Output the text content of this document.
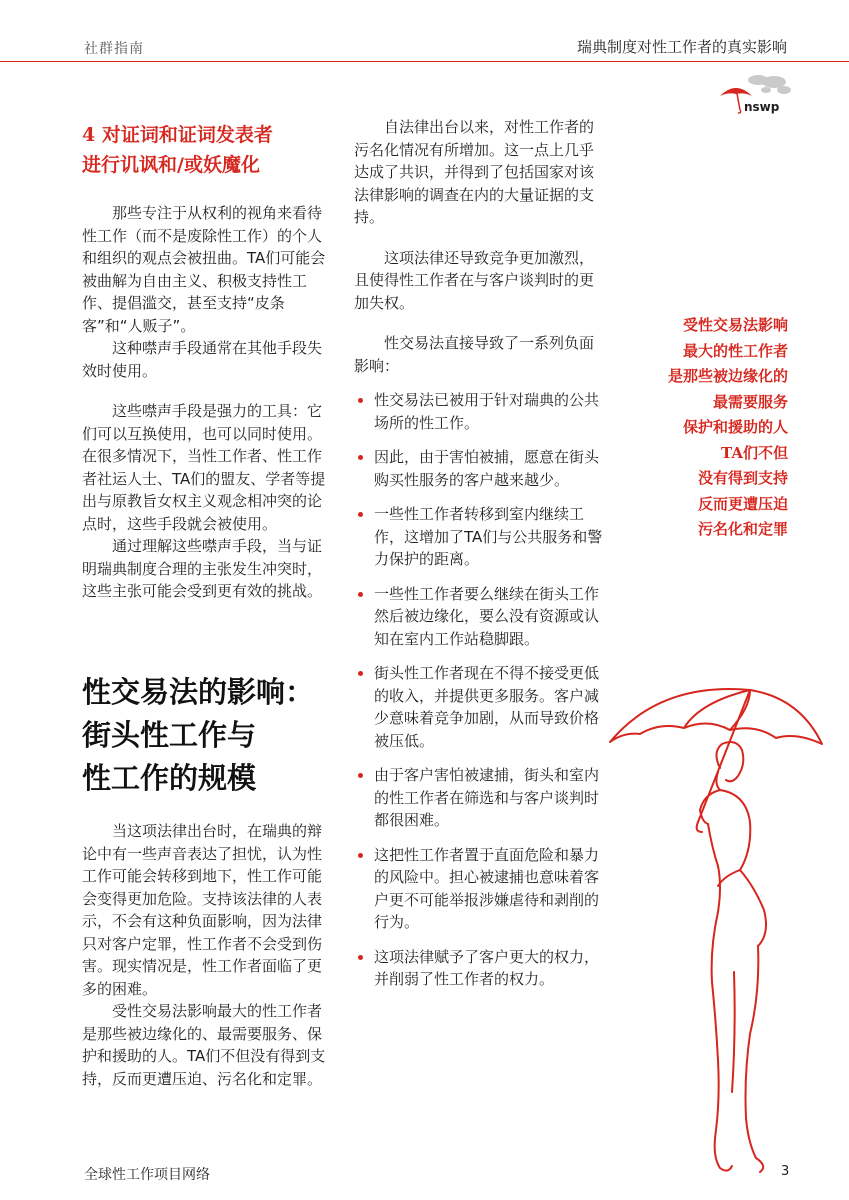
社群指南	瑞典制度对性工作者的真实影响
nswp
4 对证词和证词发表者
进行讥讽和/或妖魔化

那些专注于从权利的视角来看待性工作（而不是废除性工作）的个人和组织的观点会被扭曲。TA们可能会被曲解为自由主义、积极支持性工作、提倡滥交，甚至支持“皮条客”和“人贩子”。

这种噤声手段通常在其他手段失效时使用。

这些噤声手段是强力的工具：它们可以互换使用，也可以同时使用。在很多情况下，当性工作者、性工作者社运人士、TA们的盟友、学者等提出与原教旨女权主义观念相冲突的论点时，这些手段就会被使用。

通过理解这些噤声手段，当与证明瑞典制度合理的主张发生冲突时，这些主张可能会受到更有效的挑战。

性交易法的影响：
街头性工作与
性工作的规模

当这项法律出台时，在瑞典的辩论中有一些声音表达了担忧，认为性工作可能会转移到地下，性工作可能会变得更加危险。支持该法律的人表示，不会有这种负面影响，因为法律只对客户定罪，性工作者不会受到伤害。现实情况是，性工作者面临了更多的困难。

受性交易法影响最大的性工作者是那些被边缘化的、最需要服务、保护和援助的人。TA们不但没有得到支持，反而更遭压迫、污名化和定罪。

自法律出台以来，对性工作者的污名化情况有所增加。这一点上几乎达成了共识，并得到了包括国家对该法律影响的调查在内的大量证据的支持。

这项法律还导致竞争更加激烈，且使得性工作者在与客户谈判时的更加失权。

性交易法直接导致了一系列负面影响：

性交易法已被用于针对瑞典的公共场所的性工作。
因此，由于害怕被捕，愿意在街头购买性服务的客户越来越少。
一些性工作者转移到室内继续工作，这增加了TA们与公共服务和警力保护的距离。
一些性工作者要么继续在街头工作然后被边缘化，要么没有资源或认知在室内工作站稳脚跟。
街头性工作者现在不得不接受更低的收入，并提供更多服务。客户减少意味着竞争加剧，从而导致价格被压低。
由于客户害怕被逮捕，街头和室内的性工作者在筛选和与客户谈判时都很困难。
这把性工作者置于直面危险和暴力的风险中。担心被逮捕也意味着客户更不可能举报涉嫌虐待和剥削的行为。
这项法律赋予了客户更大的权力，并削弱了性工作者的权力。
受性交易法影响
最大的性工作者
是那些被边缘化的
最需要服务
保护和援助的人
TA们不但
没有得到支持
反而更遭压迫
污名化和定罪
全球性工作项目网络	3
